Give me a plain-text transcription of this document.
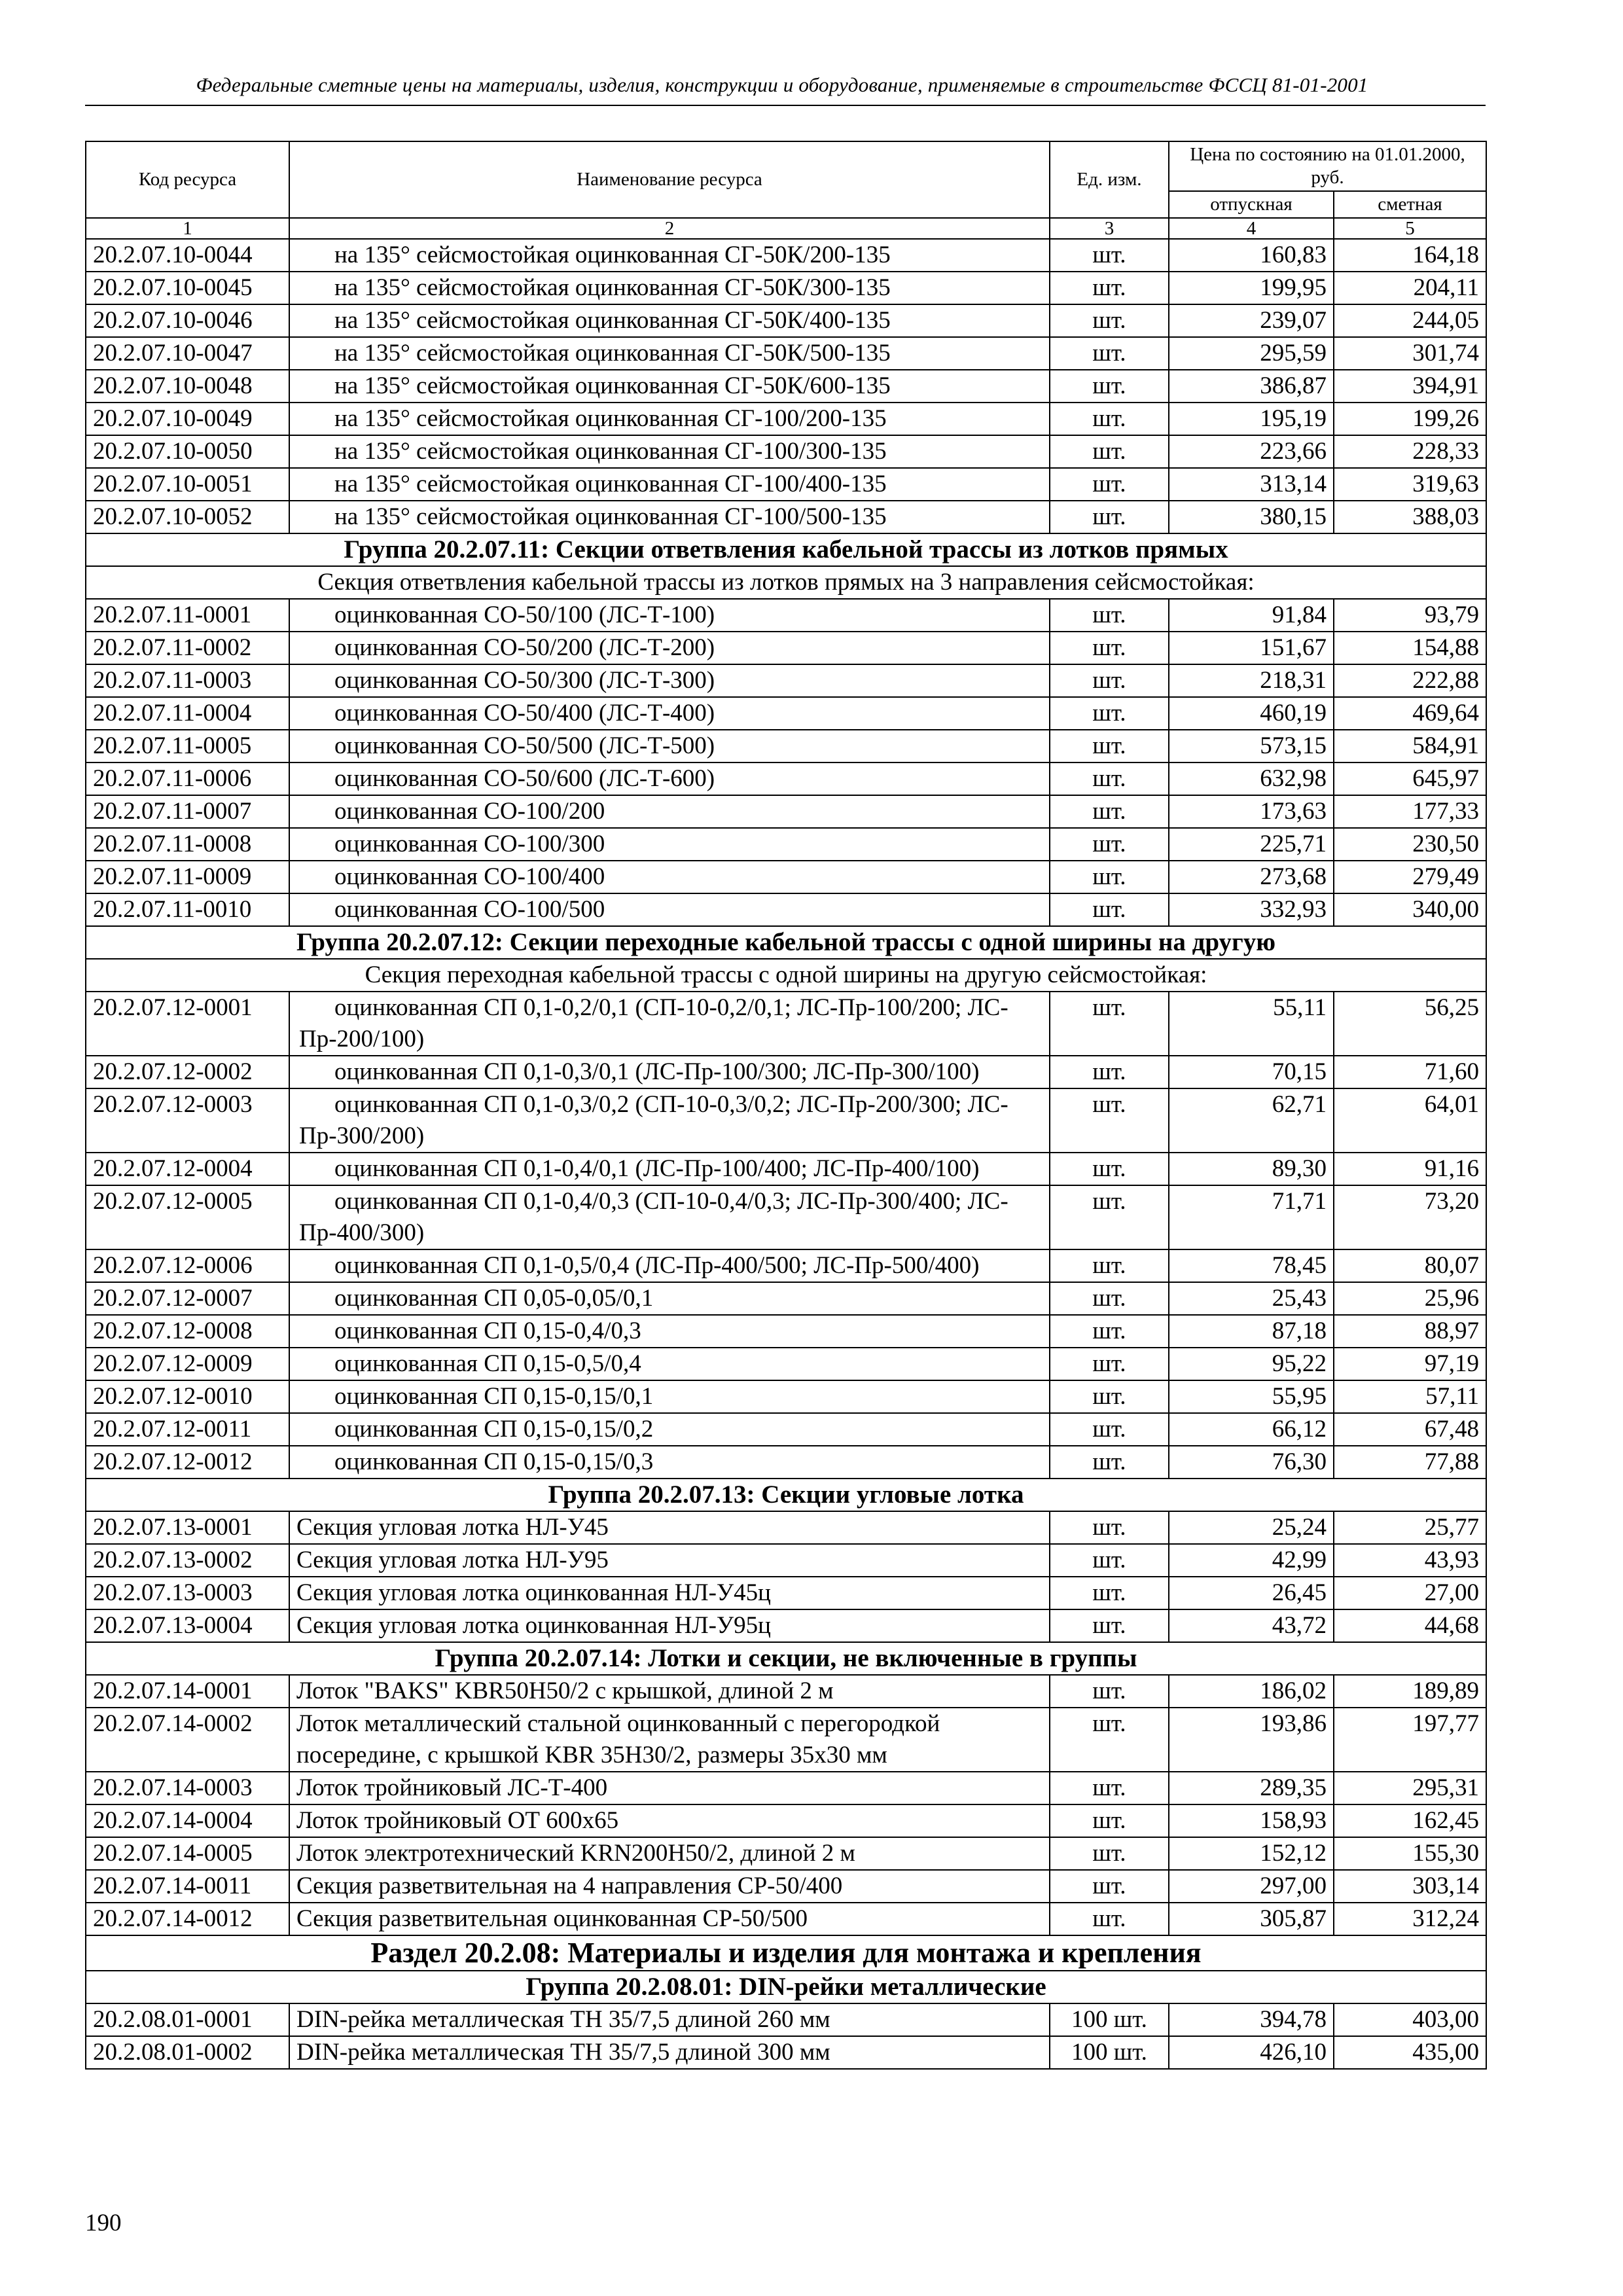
Федеральные сметные цены на материалы, изделия, конструкции и оборудование, применяемые в строительстве ФССЦ 81-01-2001
Код ресурса	Наименование ресурса	Ед. изм.	Цена по состоянию на 01.01.2000, руб.	
			отпускная	сметная
1	2	3	4	5
20.2.07.10-0044	на 135° сейсмостойкая оцинкованная СГ-50К/200-135	шт.	160,83	164,18
20.2.07.10-0045	на 135° сейсмостойкая оцинкованная СГ-50К/300-135	шт.	199,95	204,11
20.2.07.10-0046	на 135° сейсмостойкая оцинкованная СГ-50К/400-135	шт.	239,07	244,05
20.2.07.10-0047	на 135° сейсмостойкая оцинкованная СГ-50К/500-135	шт.	295,59	301,74
20.2.07.10-0048	на 135° сейсмостойкая оцинкованная СГ-50К/600-135	шт.	386,87	394,91
20.2.07.10-0049	на 135° сейсмостойкая оцинкованная СГ-100/200-135	шт.	195,19	199,26
20.2.07.10-0050	на 135° сейсмостойкая оцинкованная СГ-100/300-135	шт.	223,66	228,33
20.2.07.10-0051	на 135° сейсмостойкая оцинкованная СГ-100/400-135	шт.	313,14	319,63
20.2.07.10-0052	на 135° сейсмостойкая оцинкованная СГ-100/500-135	шт.	380,15	388,03
Группа 20.2.07.11: Секции ответвления кабельной трассы из лотков прямых				
Секция ответвления кабельной трассы из лотков прямых на 3 направления сейсмостойкая:				
20.2.07.11-0001	оцинкованная СО-50/100 (ЛС-Т-100)	шт.	91,84	93,79
20.2.07.11-0002	оцинкованная СО-50/200 (ЛС-Т-200)	шт.	151,67	154,88
20.2.07.11-0003	оцинкованная СО-50/300 (ЛС-Т-300)	шт.	218,31	222,88
20.2.07.11-0004	оцинкованная СО-50/400 (ЛС-Т-400)	шт.	460,19	469,64
20.2.07.11-0005	оцинкованная СО-50/500 (ЛС-Т-500)	шт.	573,15	584,91
20.2.07.11-0006	оцинкованная СО-50/600 (ЛС-Т-600)	шт.	632,98	645,97
20.2.07.11-0007	оцинкованная СО-100/200	шт.	173,63	177,33
20.2.07.11-0008	оцинкованная СО-100/300	шт.	225,71	230,50
20.2.07.11-0009	оцинкованная СО-100/400	шт.	273,68	279,49
20.2.07.11-0010	оцинкованная СО-100/500	шт.	332,93	340,00
Группа 20.2.07.12: Секции переходные кабельной трассы с одной ширины на другую				
Секция переходная кабельной трассы с одной ширины на другую сейсмостойкая:				
20.2.07.12-0001	оцинкованная СП 0,1-0,2/0,1 (СП-10-0,2/0,1; ЛС-Пр-100/200; ЛС-Пр-200/100)	шт.	55,11	56,25
20.2.07.12-0002	оцинкованная СП 0,1-0,3/0,1 (ЛС-Пр-100/300; ЛС-Пр-300/100)	шт.	70,15	71,60
20.2.07.12-0003	оцинкованная СП 0,1-0,3/0,2 (СП-10-0,3/0,2; ЛС-Пр-200/300; ЛС-Пр-300/200)	шт.	62,71	64,01
20.2.07.12-0004	оцинкованная СП 0,1-0,4/0,1 (ЛС-Пр-100/400; ЛС-Пр-400/100)	шт.	89,30	91,16
20.2.07.12-0005	оцинкованная СП 0,1-0,4/0,3 (СП-10-0,4/0,3; ЛС-Пр-300/400; ЛС-Пр-400/300)	шт.	71,71	73,20
20.2.07.12-0006	оцинкованная СП 0,1-0,5/0,4 (ЛС-Пр-400/500; ЛС-Пр-500/400)	шт.	78,45	80,07
20.2.07.12-0007	оцинкованная СП 0,05-0,05/0,1	шт.	25,43	25,96
20.2.07.12-0008	оцинкованная СП 0,15-0,4/0,3	шт.	87,18	88,97
20.2.07.12-0009	оцинкованная СП 0,15-0,5/0,4	шт.	95,22	97,19
20.2.07.12-0010	оцинкованная СП 0,15-0,15/0,1	шт.	55,95	57,11
20.2.07.12-0011	оцинкованная СП 0,15-0,15/0,2	шт.	66,12	67,48
20.2.07.12-0012	оцинкованная СП 0,15-0,15/0,3	шт.	76,30	77,88
Группа 20.2.07.13: Секции угловые лотка				
20.2.07.13-0001	Секция угловая лотка НЛ-У45	шт.	25,24	25,77
20.2.07.13-0002	Секция угловая лотка НЛ-У95	шт.	42,99	43,93
20.2.07.13-0003	Секция угловая лотка оцинкованная НЛ-У45ц	шт.	26,45	27,00
20.2.07.13-0004	Секция угловая лотка оцинкованная НЛ-У95ц	шт.	43,72	44,68
Группа 20.2.07.14: Лотки и секции, не включенные в группы				
20.2.07.14-0001	Лоток "BAKS" KBR50H50/2 с крышкой, длиной 2 м	шт.	186,02	189,89
20.2.07.14-0002	Лоток металлический стальной оцинкованный с перегородкой посередине, с крышкой KBR 35H30/2, размеры 35х30 мм	шт.	193,86	197,77
20.2.07.14-0003	Лоток тройниковый ЛС-Т-400	шт.	289,35	295,31
20.2.07.14-0004	Лоток тройниковый ОТ 600х65	шт.	158,93	162,45
20.2.07.14-0005	Лоток электротехнический KRN200H50/2, длиной 2 м	шт.	152,12	155,30
20.2.07.14-0011	Секция разветвительная на 4 направления СР-50/400	шт.	297,00	303,14
20.2.07.14-0012	Секция разветвительная оцинкованная СР-50/500	шт.	305,87	312,24
Раздел 20.2.08: Материалы и изделия для монтажа и крепления				
Группа 20.2.08.01: DIN-рейки металлические				
20.2.08.01-0001	DIN-рейка металлическая TH 35/7,5 длиной 260 мм	100 шт.	394,78	403,00
20.2.08.01-0002	DIN-рейка металлическая TH 35/7,5 длиной 300 мм	100 шт.	426,10	435,00
190
